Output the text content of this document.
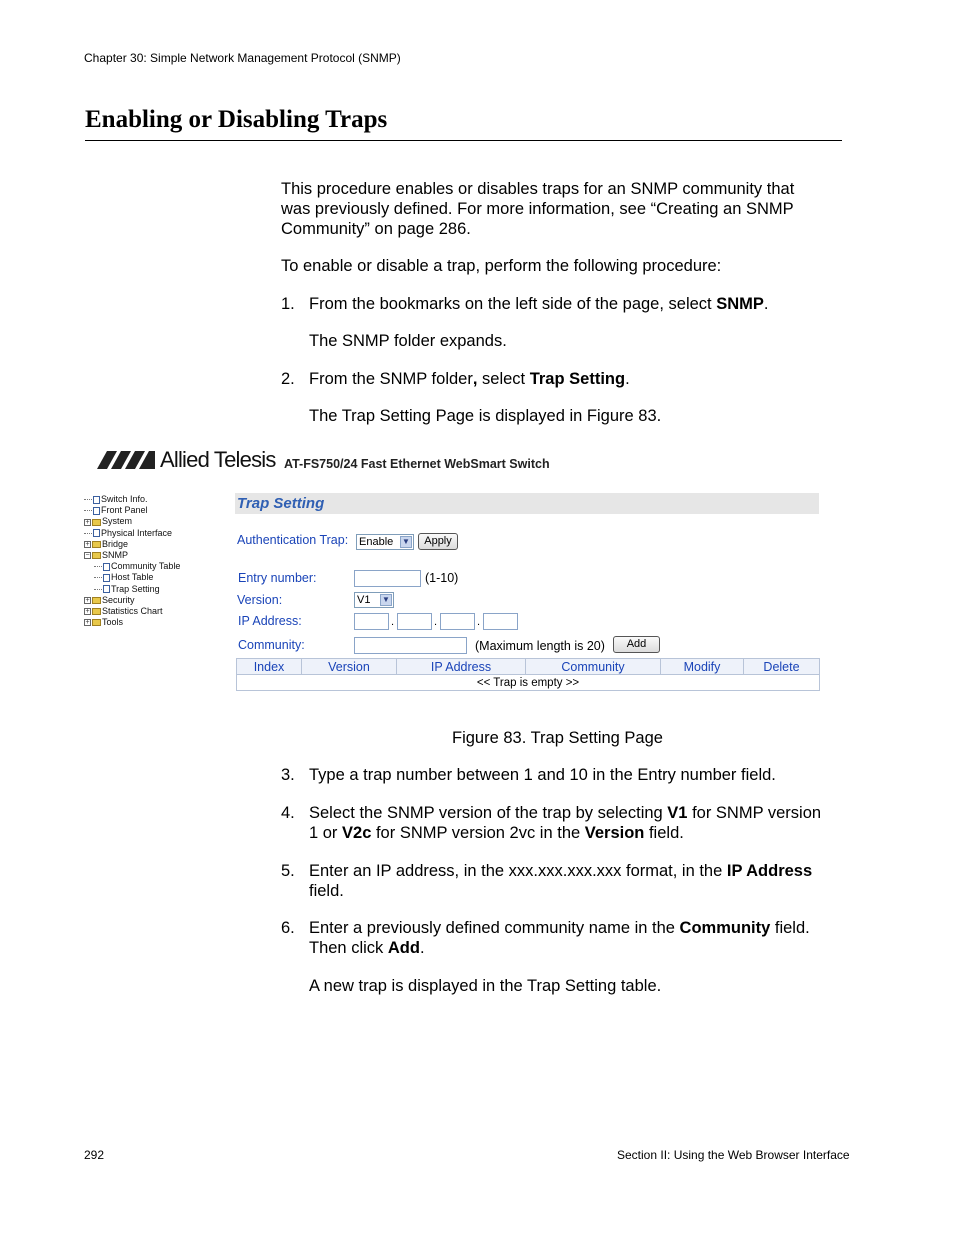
Chapter 30: Simple Network Management Protocol (SNMP)
Enabling or Disabling Traps
This procedure enables or disables traps for an SNMP community that
was previously defined. For more information, see “Creating an SNMP
Community” on page 286.
To enable or disable a trap, perform the following procedure:
1. From the bookmarks on the left side of the page, select SNMP.
The SNMP folder expands.
2. From the SNMP folder, select Trap Setting.
The Trap Setting Page is displayed in Figure 83.
Allied Telesis AT-FS750/24 Fast Ethernet WebSmart Switch
Switch Info.
Front Panel
+ System
Physical Interface
+ Bridge
− SNMP
Community Table
Host Table
Trap Setting
+ Security
+ Statistics Chart
+ Tools
Trap Setting
Authentication Trap: Enable ▼	Apply
Entry number:	(1-10)
Version:	V1 ▼
IP Address:	.	.	.
Community:	(Maximum length is 20)	Add
Index	Version	IP Address	Community	Modify	Delete
<< Trap is empty >>
Figure 83. Trap Setting Page
3. Type a trap number between 1 and 10 in the Entry number field.
4. Select the SNMP version of the trap by selecting V1 for SNMP version
1 or V2c for SNMP version 2vc in the Version field.
5. Enter an IP address, in the xxx.xxx.xxx.xxx format, in the IP Address
field.
6. Enter a previously defined community name in the Community field.
Then click Add.
A new trap is displayed in the Trap Setting table.
292	Section II: Using the Web Browser Interface
